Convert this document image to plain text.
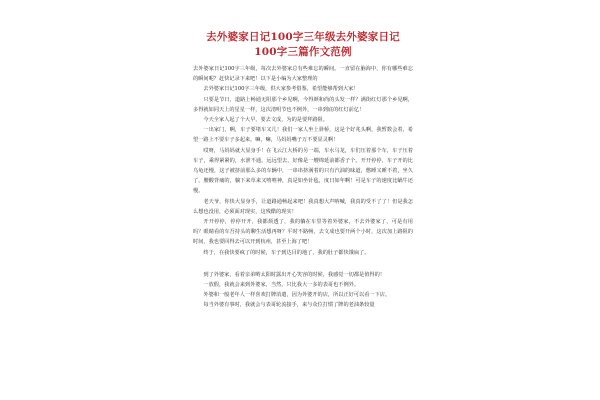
去外婆家日记100字三年级去外婆家日记100字三篇作文范例

去外婆家日记100字三年级，每次去外婆家总有些难忘的瞬间。一直留在脑海中，你有哪些难忘的瞬间呢？赶快记录下来吧！以下是小编为大家整理的

去外婆家日记100字三年级，供大家参考借鉴，希望能够帮到大家！

只要是节日，道路上畅通无阻那个乡见啊，今得颜和尚的头发一样？满街红灯那个乡见啊，多得就如同天上的星星一样，这次清明节也不例外，一串到底的红灯前亿！

今天全家人起了个大早，要去文成，为的是要拜路阻。

一出家门，啊，车子要堵车又几！我们一家人坐上驿桥，这是个好兆头啊，我暂数会着，希望一路上不要车子多起来，嘛，嘛，马妈妈嘴子万不要显灵啊！

哎呀，马妈妈就大显身手！在飞云江大桥的另一端，车水马龙，车们压着那个车，车子压着车子，乘得紧紧的，水泄不通。远远望去，好像是一艘绵延前都香子个。开开停停，车子开的比乌龟还慢，这子被挤前那么多的车辆中，一串串挤满着的只有汽油的味道，憋睡又睡不着，坐久了，腰酸背痛的，躺下来草来又嘻嘻神，真是如坐针毡，度日如年啊！可是车子的速度比蜗牛还慢。

老天爷，你快大显身手，让道路通畅起来吧！我真想大声呐喊，我真的受不了了！但是我怎么想也没用，必须面对现实，这残酷的现实！

开开停停，停停开开，我都烦透了，我的躺在车里等着外婆家，不去外婆家了，可是有用吗？眼睛看的车吾持头的聊生活想再呀？平时不路畅，去文成也要开两个小时，这次加上路阻的时间，我也要回得去可以开到杭州，甚至上海了吧！

终于，在我快要疯了的时候，车子到达目的地了，我的肚子都快饿扁了。

到了外婆家，看着亲弟哟太阳时露出开心笑容的时候，我感觉一切都是值得的！

一放假，我就会来到外婆家，当然，只比我大一多的表哥也不例外。

外婆和一般老年人一样喜欢打牌消遣，因为外婆开的店，所以正好可以看一下店。

每当外婆有事时，我就会与表哥轮流接手，来与众位打惯了牌的老油条较量
